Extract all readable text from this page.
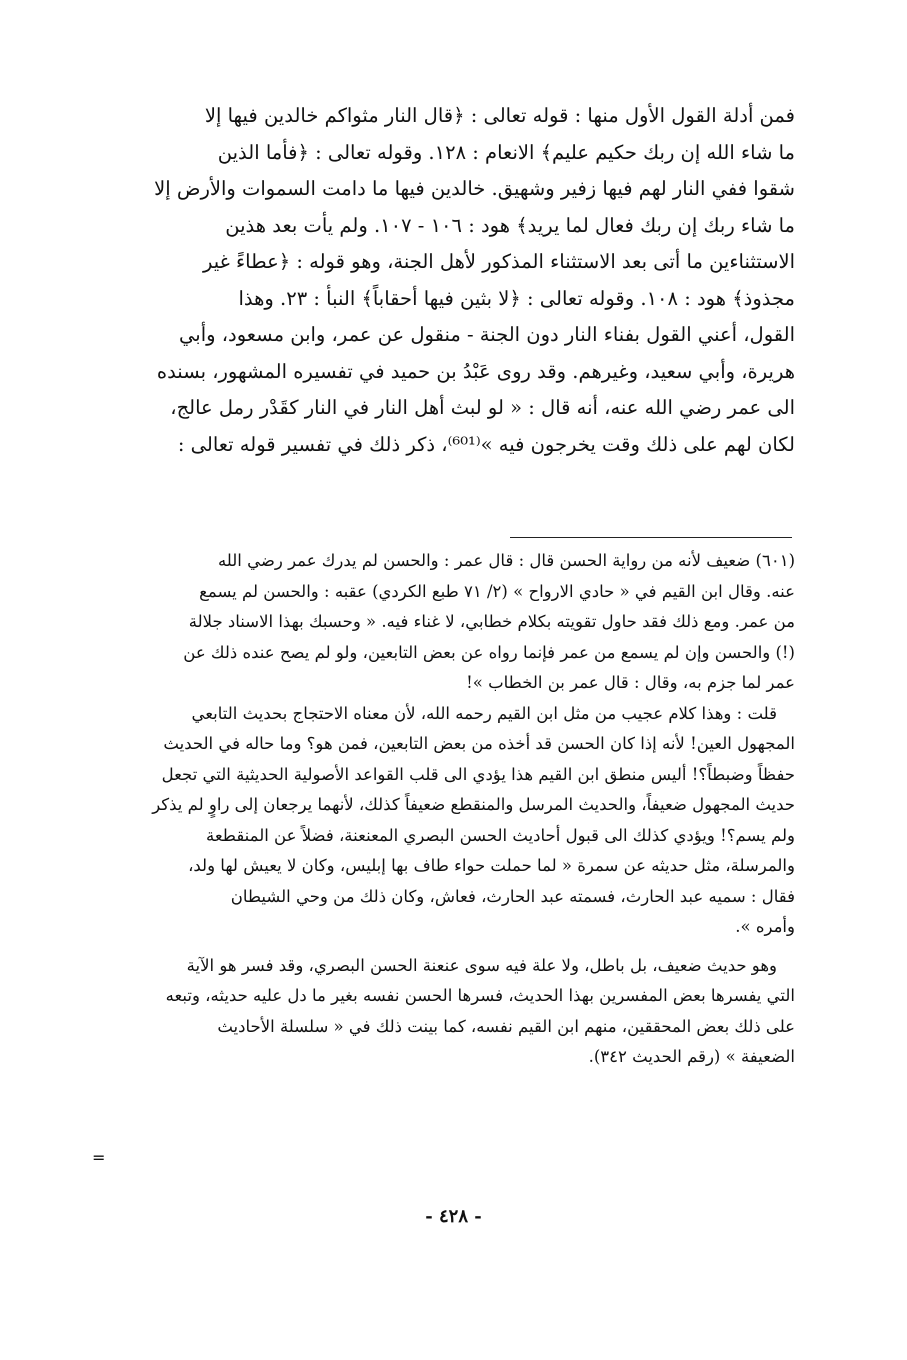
فمن أدلة القول الأول منها : قوله تعالى : ﴿قال النار مثواكم خالدين فيها إلا
ما شاء الله إن ربك حكيم عليم﴾ الانعام : ١٢٨. وقوله تعالى : ﴿فأما الذين
شقوا ففي النار لهم فيها زفير وشهيق. خالدين فيها ما دامت السموات والأرض إلا
ما شاء ربك إن ربك فعال لما يريد﴾ هود : ١٠٦ - ١٠٧. ولم يأت بعد هذين
الاستثناءين ما أتى بعد الاستثناء المذكور لأهل الجنة، وهو قوله : ﴿عطاءً غير
مجذوذ﴾ هود : ١٠٨. وقوله تعالى : ﴿لا بثين فيها أحقاباً﴾ النبأ : ٢٣. وهذا
القول، أعني القول بفناء النار دون الجنة - منقول عن عمر، وابن مسعود، وأبي
هريرة، وأبي سعيد، وغيرهم. وقد روى عَبْدُ بن حميد في تفسيره المشهور، بسنده
الى عمر رضي الله عنه، أنه قال : « لو لبث أهل النار في النار كقَدْر رمل عالج،
لكان لهم على ذلك وقت يخرجون فيه »⁽⁶⁰¹⁾، ذكر ذلك في تفسير قوله تعالى :
(٦٠١) ضعيف لأنه من رواية الحسن قال : قال عمر : والحسن لم يدرك عمر رضي الله
عنه. وقال ابن القيم في « حادي الارواح » (٢/ ٧١ طبع الكردي) عقبه : والحسن لم يسمع
من عمر. ومع ذلك فقد حاول تقويته بكلام خطابي، لا غناء فيه. « وحسبك بهذا الاسناد جلالة
(!) والحسن وإن لم يسمع من عمر فإنما رواه عن بعض التابعين، ولو لم يصح عنده ذلك عن
عمر لما جزم به، وقال : قال عمر بن الخطاب »!
قلت : وهذا كلام عجيب من مثل ابن القيم رحمه الله، لأن معناه الاحتجاج بحديث التابعي
المجهول العين! لأنه إذا كان الحسن قد أخذه من بعض التابعين، فمن هو؟ وما حاله في الحديث
حفظاً وضبطاً؟! أليس منطق ابن القيم هذا يؤدي الى قلب القواعد الأصولية الحديثية التي تجعل
حديث المجهول ضعيفاً، والحديث المرسل والمنقطع ضعيفاً كذلك، لأنهما يرجعان إلى راوٍ لم يذكر
ولم يسم؟! ويؤدي كذلك الى قبول أحاديث الحسن البصري المعنعنة، فضلاً عن المنقطعة
والمرسلة، مثل حديثه عن سمرة « لما حملت حواء طاف بها إبليس، وكان لا يعيش لها ولد،
فقال : سميه عبد الحارث، فسمته عبد الحارث، فعاش، وكان ذلك من وحي الشيطان
وأمره ».
وهو حديث ضعيف، بل باطل، ولا علة فيه سوى عنعنة الحسن البصري، وقد فسر هو الآية
التي يفسرها بعض المفسرين بهذا الحديث، فسرها الحسن نفسه بغير ما دل عليه حديثه، وتبعه
على ذلك بعض المحققين، منهم ابن القيم نفسه، كما بينت ذلك في « سلسلة الأحاديث
الضعيفة » (رقم الحديث ٣٤٢).
=
- ٤٢٨ -
